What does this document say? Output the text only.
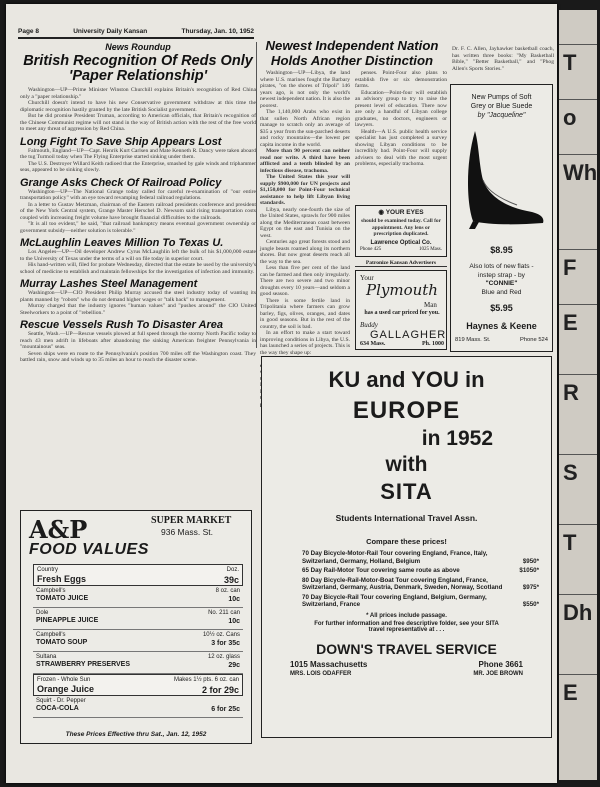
Page 8	University Daily Kansan	Thursday, Jan. 10, 1952
News Roundup
British Recognition Of Reds Only 'Paper Relationship'

Washington—UP—Prime Minister Winston Churchill explains Britain's recognition of Red China only a "paper relationship."

Churchill doesn't intend to have his new Conservative government withdraw at this time the diplomatic recognition hastily granted by the late British Socialist government.

But he did promise President Truman, according to American officials, that Britain's recognition of the Chinese Communist regime will not stand in the way of British action with the rest of the free world to meet any threat of aggression by Red China.

Long Fight To Save Ship Appears Lost

Falmouth, England—UP—Capt. Henrik Kurt Carlsen and Mate Kenneth R. Dancy were taken aboard the tug Turmoil today when The Flying Enterprise started sinking under them.

The U.S. Destroyer Willard Keith radioed that the Enterprise, smashed by gale winds and triphammer seas, appeared to be sinking slowly.

Grange Asks Check Of Railroad Policy

Washington—UP—The National Grange today called for careful re-examination of "our entire transportation policy" with an eye toward revamping federal railroad regulations.

In a letter to Gustav Metzman, chairman of the Eastern railroad presidents conference and president of the New York Central system, Grange Master Herschel D. Newsom said rising transportation costs coupled with increasing freight volume have brought financial difficulties to the railroads.

"It is all too evident," he said, "that railroad bankruptcy means eventual government ownership or government subsidy—neither solution is tolerable."

McLaughlin Leaves Million To Texas U.

Los Angeles—UP—Oil developer Andrew Cyrus McLaughlin left the bulk of his $1,000,000 estate to the University of Texas under the terms of a will on file today in superior court.

His hand-written will, filed for probate Wednesday, directed that the estate be used by the university's school of medicine to establish and maintain fellowships for the investigation of infection and immunity.

Murray Lashes Steel Management

Washington—UP—CIO President Philip Murray accused the steel industry today of wanting its plants manned by "robots" who do not demand higher wages or "talk back" to management.

Murray charged that the industry ignores "human values" and "pushes around" the CIO United Steelworkers to a point of "rebellion."

Rescue Vessels Rush To Disaster Area

Seattle, Wash.—UP—Rescue vessels plowed at full speed through the stormy North Pacific today to reach 43 men adrift in lifeboats after abandoning the sinking American freighter Pennsylvania in "mountainous" seas.

Seven ships were en route to the Pennsylvania's position 700 miles off the Washington coast. They battled rain, snow and winds up to 35 miles an hour to reach the disaster scene.

A&P	SUPER MARKET
936 Mass. St.
FOOD VALUES
Country
Fresh Eggs
Doz.
39c
Campbell's
TOMATO JUICE
8 oz. can
10c
Dole
PINEAPPLE JUICE
No. 211 can
10c
Campbell's
TOMATO SOUP
10½ oz. Cans
3 for 35c
Sultana
STRAWBERRY PRESERVES
12 oz. glass
29c
Frozen - Whole Sun
Orange Juice
Makes 1½ pts. 6 oz. can
2 for 29c
Squirt - Dr. Pepper
COCA-COLA	6 for 25c
These Prices Effective thru Sat., Jan. 12, 1952
Newest Independent Nation Holds Another Distinction

Washington—UP—Libya, the land where U.S. marines fought the Barbary pirates, "on the shores of Tripoli" 146 years ago, is not only the world's newest independent nation. It is also the poorest.

The 1,140,000 Arabs who exist in that sullen North African region manage to scratch only an average of $35 a year from the sun-parched deserts and rocky mountains—the lowest per capita income in the world.

More than 90 percent can neither read nor write. A third have been afflicted and a tenth blinded by an infectious disease, trachoma.

The United States this year will supply $900,000 for UN projects and $1,150,000 for Point-Four technical assistance to help lift Libyan living standards.

Libya, nearly one-fourth the size of the United States, sprawls for 900 miles along the Mediterranean coast between Egypt on the east and Tunisia on the west.

Centuries ago great forests stood and jungle beasts roamed along its northern shores. But now great deserts reach all the way to the sea.

Less than five per cent of the land can be farmed and then only irregularly. There are two severe and two minor droughts every 10 years—and seldom a good season.

There is some fertile land in Tripolitania where farmers can grow barley, figs, olives, oranges, and dates in good seasons. But in the rest of the country, the soil is bad.

In an effort to make a start toward improving conditions in Libya, the U.S. has launched a series of projects. This is the way they shape up:

penses. Point-Four also plans to establish five or six demonstration farms.

Education—Point-four will establish an advisory group to try to raise the present level of education. There now are only a handful of Libyan college graduates, no doctors, engineers or lawyers.

Health—A U.S. public health service specialist has just completed a survey showing Libyan conditions to be incredibly bad. Point-Four will supply advisers to deal with the most urgent problems, especially trachoma.

◉ YOUR EYES
should be examined today. Call for appointment. Any lens or prescription duplicated.
Lawrence Optical Co.
Phone 425	1025 Mass.
Patronize Kansan Advertisers
Your
Plymouth
Man
has a used car priced for you.
Buddy
GALLAGHER
634 Mass.	Ph. 1000
Dr. F. C. Allen, Jayhawker basketball coach, has written three books: "My Basketball Bible," "Better Basketball," and "Phog Allen's Sports Stories."
New Pumps of Soft
Grey or Blue Suede
by "Jacqueline"
$8.95
Also lots of new flats -
instep strap - by
"CONNIE"
Blue and Red
$5.95
Haynes & Keene
819 Mass. St.	Phone 524
KU and YOU in
EUROPE
in 1952
with
SITA
Students International Travel Assn.
Compare these prices!
70 Day Bicycle-Motor-Rail Tour covering England, France, Italy, Switzerland, Germany, Holland, Belgium	$950*
65 Day Rail-Motor Tour covering same route as above	$1050*
80 Day Bicycle-Rail-Motor-Boat Tour covering England, France, Switzerland, Germany, Austria, Denmark, Sweden, Norway, Scotland	$975*
70 Day Bicycle-Rail Tour covering England, Belgium, Germany, Switzerland, France	$550*
* All prices include passage.
For further information and free descriptive folder, see your SITA travel representative at . . .
DOWN'S TRAVEL SERVICE
1015 Massachusetts	Phone 3661
MRS. LOIS ODAFFER	MR. JOE BROWN
T
o
Wh
F
E
R
S
T
Dh
E
